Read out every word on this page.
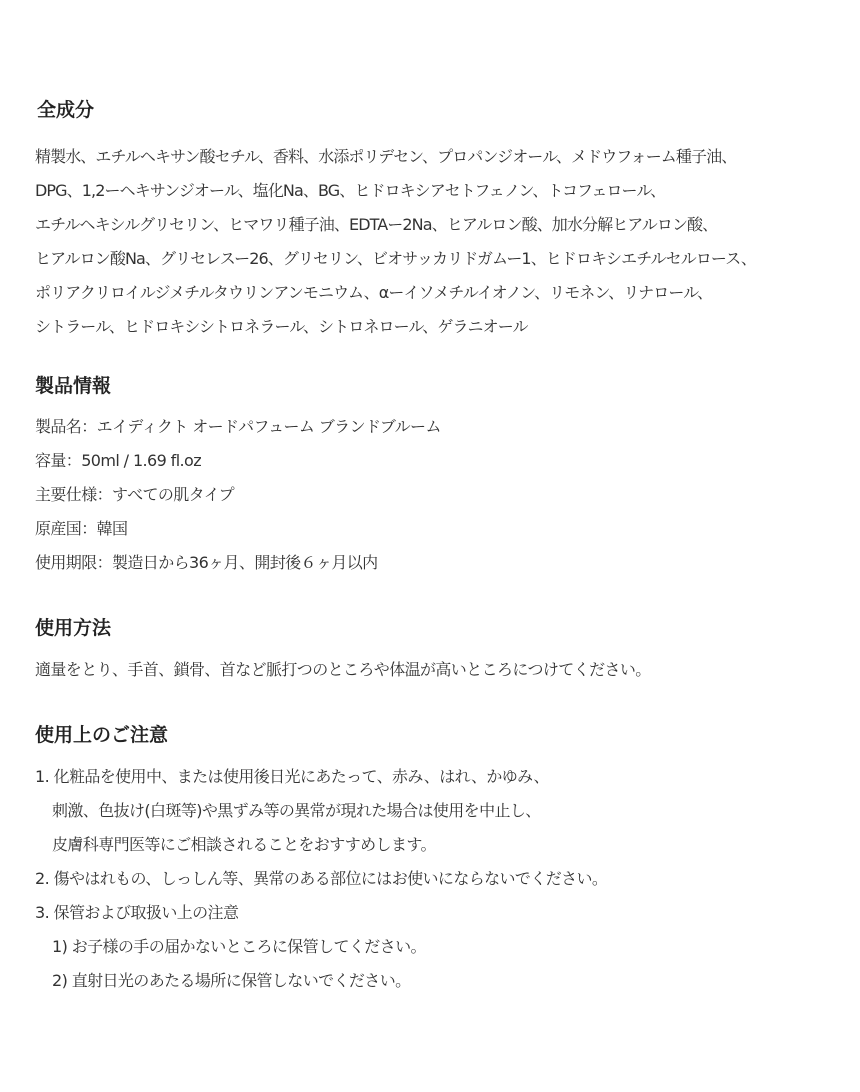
全成分
精製水、エチルヘキサン酸セチル、香料、水添ポリデセン、プロパンジオール、メドウフォーム種子油、
DPG、1,2ーヘキサンジオール、塩化Na、BG、ヒドロキシアセトフェノン、トコフェロール、
エチルヘキシルグリセリン、ヒマワリ種子油、EDTAー2Na、ヒアルロン酸、加水分解ヒアルロン酸、
ヒアルロン酸Na、グリセレスー26、グリセリン、ビオサッカリドガムー1、ヒドロキシエチルセルロース、
ポリアクリロイルジメチルタウリンアンモニウム、αーイソメチルイオノン、リモネン、リナロール、
シトラール、ヒドロキシシトロネラール、シトロネロール、ゲラニオール
製品情報
製品名：エイディクト オードパフューム ブランドブルーム
容量：50ml / 1.69 fl.oz
主要仕様：すべての肌タイプ
原産国：韓国
使用期限：製造日から36ヶ月、開封後６ヶ月以内
使用方法
適量をとり、手首、鎖骨、首など脈打つのところや体温が高いところにつけてください。
使用上のご注意
1. 化粧品を使用中、または使用後日光にあたって、赤み、はれ、かゆみ、
刺激、色抜け(白斑等)や黒ずみ等の異常が現れた場合は使用を中止し、
皮膚科専門医等にご相談されることをおすすめします。
2. 傷やはれもの、しっしん等、異常のある部位にはお使いにならないでください。
3. 保管および取扱い上の注意
1) お子様の手の届かないところに保管してください。
2) 直射日光のあたる場所に保管しないでください。
